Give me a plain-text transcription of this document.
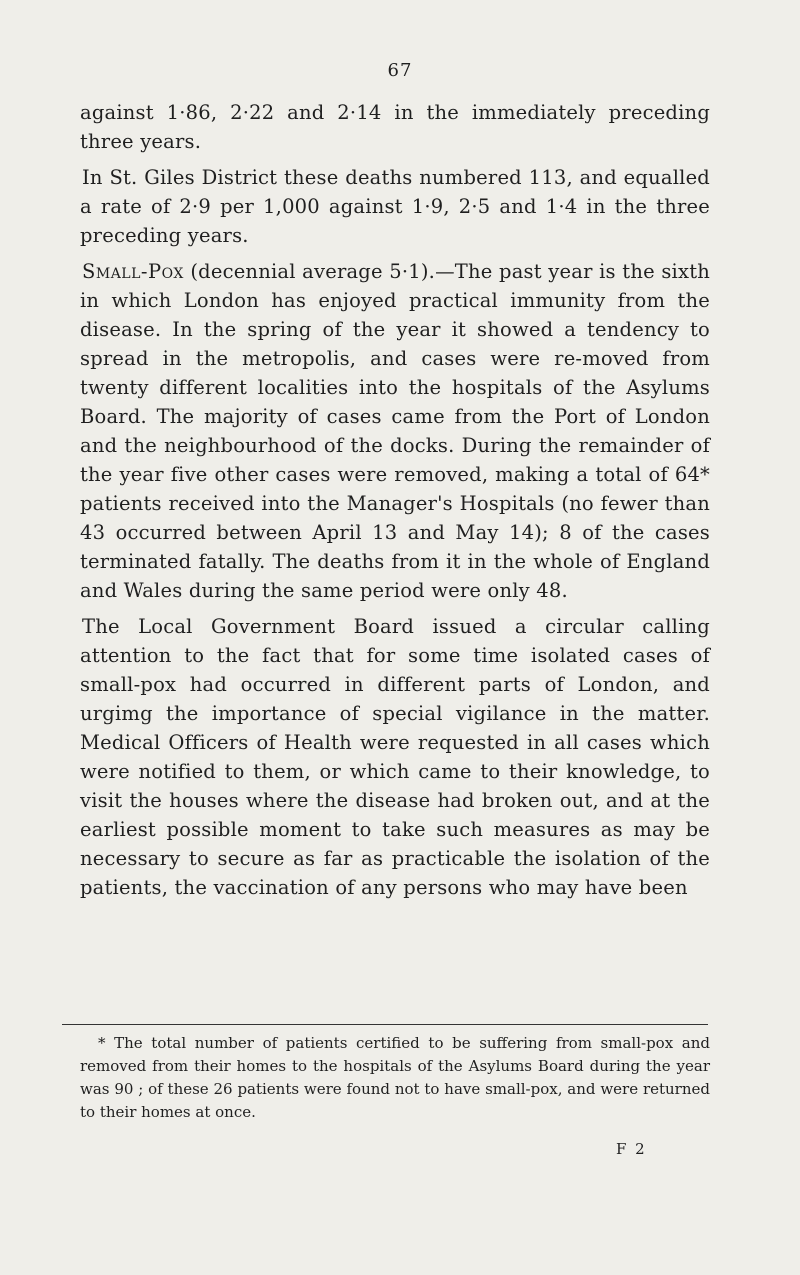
67

against 1·86, 2·22 and 2·14 in the immediately preceding three years.

In St. Giles District these deaths numbered 113, and equalled a rate of 2·9 per 1,000 against 1·9, 2·5 and 1·4 in the three preceding years.

Small-Pox (decennial average 5·1).—The past year is the sixth in which London has enjoyed practical immunity from the disease. In the spring of the year it showed a tendency to spread in the metropolis, and cases were re-moved from twenty different localities into the hospitals of the Asylums Board. The majority of cases came from the Port of London and the neighbourhood of the docks. During the remainder of the year five other cases were removed, making a total of 64* patients received into the Manager's Hospitals (no fewer than 43 occurred between April 13 and May 14); 8 of the cases terminated fatally. The deaths from it in the whole of England and Wales during the same period were only 48.

The Local Government Board issued a circular calling attention to the fact that for some time isolated cases of small-pox had occurred in different parts of London, and urgimg the importance of special vigilance in the matter. Medical Officers of Health were requested in all cases which were notified to them, or which came to their knowledge, to visit the houses where the disease had broken out, and at the earliest possible moment to take such measures as may be necessary to secure as far as practicable the isolation of the patients, the vaccination of any persons who may have been

* The total number of patients certified to be suffering from small-pox and removed from their homes to the hospitals of the Asylums Board during the year was 90 ; of these 26 patients were found not to have small-pox, and were returned to their homes at once.

F 2
